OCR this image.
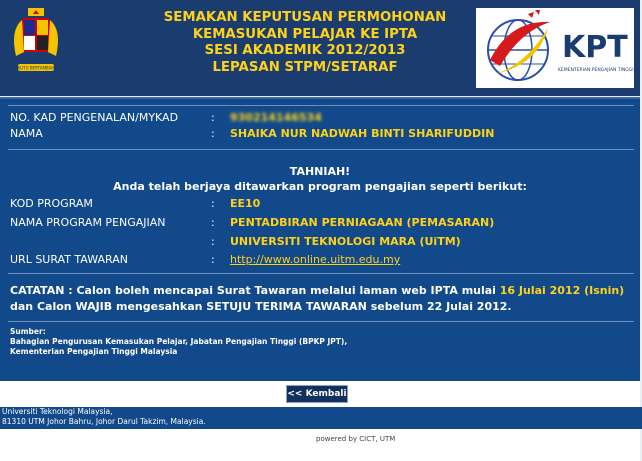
BERSEKUTU BERTAMBAH MUTU
SEMAKAN KEPUTUSAN PERMOHONAN
KEMASUKAN PELAJAR KE IPTA
SESI AKADEMIK 2012/2013
LEPASAN STPM/SETARAF
KPT
KEMENTERIAN PENGAJIAN TINGGI
NO. KAD PENGENALAN/MYKAD	: 930214146534
NAMA	: SHAIKA NUR NADWAH BINTI SHARIFUDDIN
TAHNIAH!
Anda telah berjaya ditawarkan program pengajian seperti berikut:
KOD PROGRAM	: EE10
NAMA PROGRAM PENGAJIAN	: PENTADBIRAN PERNIAGAAN (PEMASARAN)
: UNIVERSITI TEKNOLOGI MARA (UiTM)
URL SURAT TAWARAN	: http://www.online.uitm.edu.my
CATATAN : Calon boleh mencapai Surat Tawaran melalui laman web IPTA mulai 16 Julai 2012 (Isnin)
dan Calon WAJIB mengesahkan SETUJU TERIMA TAWARAN sebelum 22 Julai 2012.
Sumber:
Bahagian Pengurusan Kemasukan Pelajar, Jabatan Pengajian Tinggi (BPKP JPT),
Kementerian Pengajian Tinggi Malaysia
<< Kembali
Universiti Teknologi Malaysia,
81310 UTM Johor Bahru, Johor Darul Takzim, Malaysia.
powered by CICT, UTM
